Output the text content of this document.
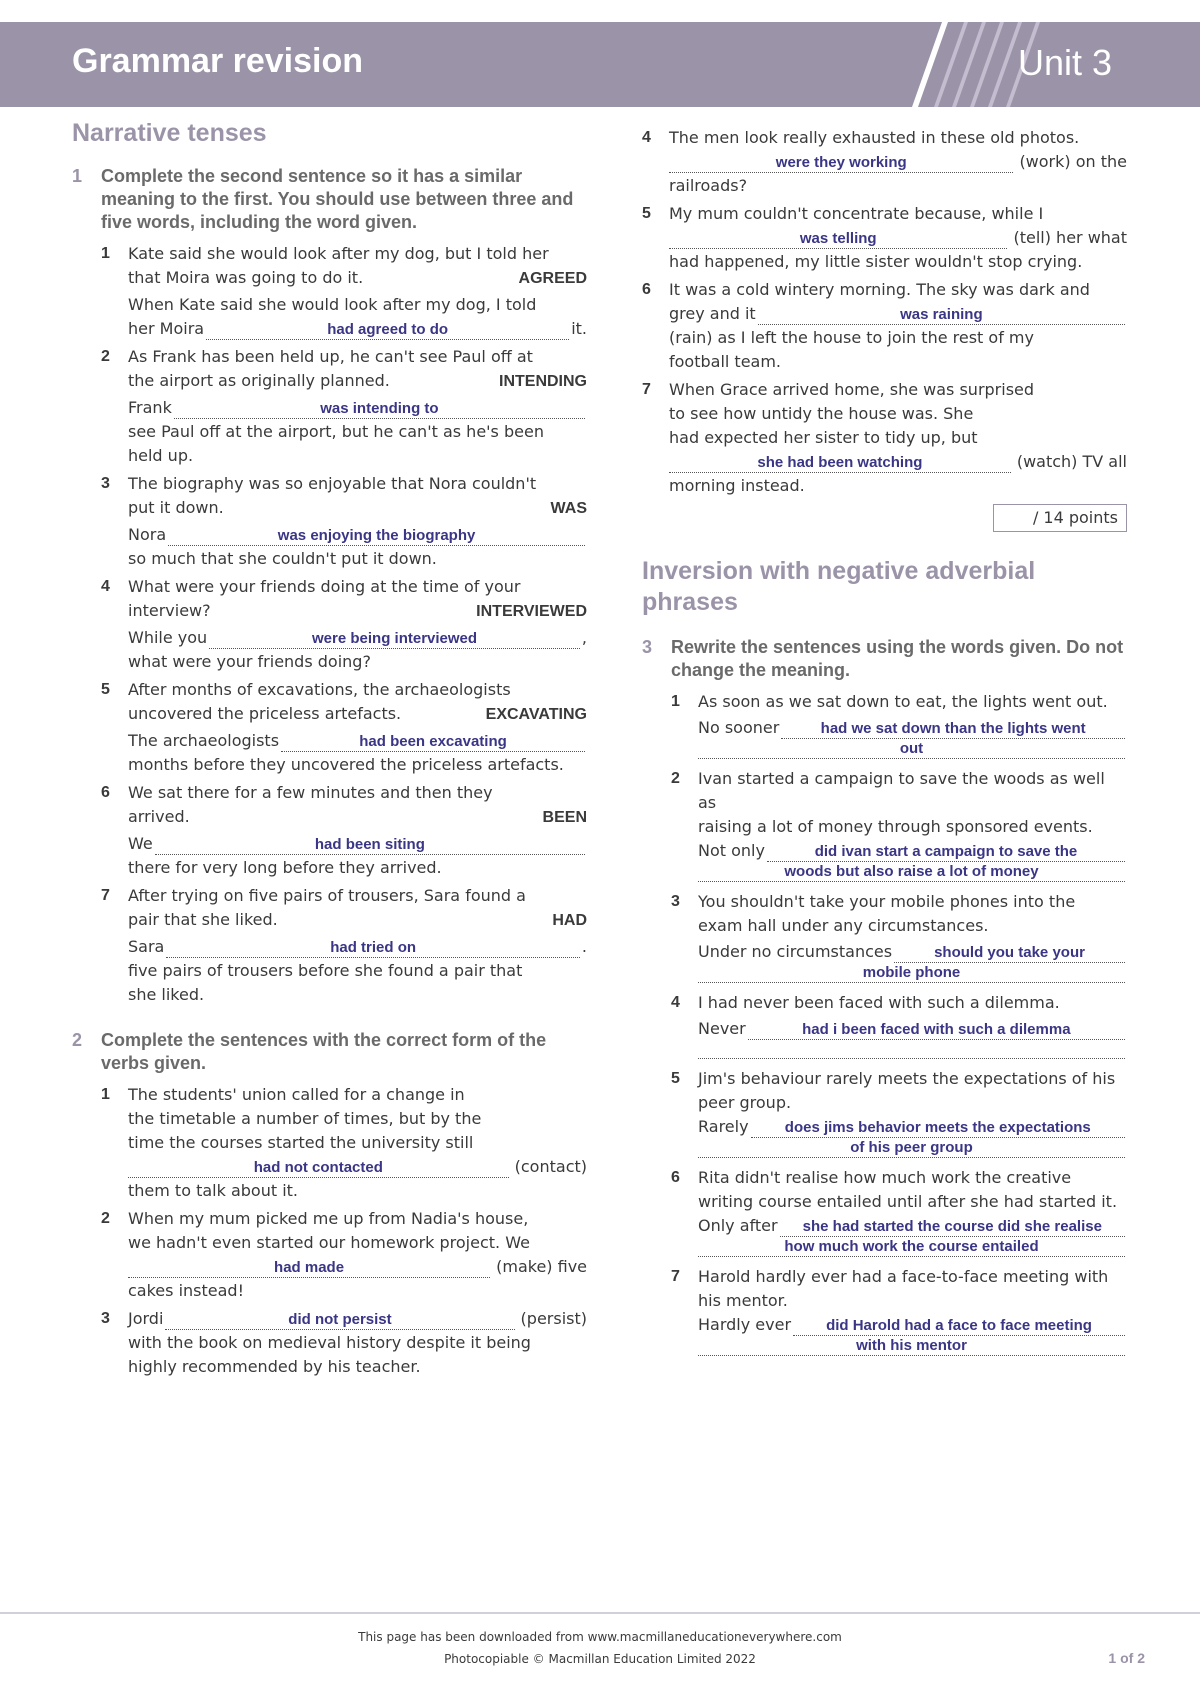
Grammar revision	Unit 3
Narrative tenses
1	Complete the second sentence so it has a similar meaning to the first. You should use between three and five words, including the word given.
1	Kate said she would look after my dog, but I told her
that Moira was going to do it.	AGREED
When Kate said she would look after my dog, I told
her Moira	had agreed to do	it.
2	As Frank has been held up, he can't see Paul off at
the airport as originally planned.	INTENDING
Frank	was intending to
see Paul off at the airport, but he can't as he's been
held up.
3	The biography was so enjoyable that Nora couldn't
put it down.	WAS
Nora	was enjoying the biography
so much that she couldn't put it down.
4	What were your friends doing at the time of your
interview?	INTERVIEWED
While you	were being interviewed	,
what were your friends doing?
5	After months of excavations, the archaeologists
uncovered the priceless artefacts.	EXCAVATING
The archaeologists	had been excavating
months before they uncovered the priceless artefacts.
6	We sat there for a few minutes and then they
arrived.	BEEN
We	had been siting
there for very long before they arrived.
7	After trying on five pairs of trousers, Sara found a
pair that she liked.	HAD
Sara	had tried on	.
five pairs of trousers before she found a pair that
she liked.
2	Complete the sentences with the correct form of the verbs given.
1	The students' union called for a change in
the timetable a number of times, but by the
time the courses started the university still
had not contacted	(contact)
them to talk about it.
2	When my mum picked me up from Nadia's house,
we hadn't even started our homework project. We
had made	(make) five
cakes instead!
3	Jordi	did not persist	(persist)
with the book on medieval history despite it being
highly recommended by his teacher.
4	The men look really exhausted in these old photos.
were they working	(work) on the
railroads?
5	My mum couldn't concentrate because, while I
was telling	(tell) her what
had happened, my little sister wouldn't stop crying.
6	It was a cold wintery morning. The sky was dark and
grey and it	was raining
(rain) as I left the house to join the rest of my
football team.
7	When Grace arrived home, she was surprised
to see how untidy the house was. She
had expected her sister to tidy up, but
she had been watching	(watch) TV all
morning instead.
/ 14 points
Inversion with negative adverbial phrases
3	Rewrite the sentences using the words given. Do not change the meaning.
1	As soon as we sat down to eat, the lights went out.
No sooner	had we sat down than the lights went
out
2	Ivan started a campaign to save the woods as well as
raising a lot of money through sponsored events.
Not only	did ivan start a campaign to save the
woods but also raise a lot of money
3	You shouldn't take your mobile phones into the
exam hall under any circumstances.
Under no circumstances	should you take your
mobile phone
4	I had never been faced with such a dilemma.
Never	had i been faced with such a dilemma
5	Jim's behaviour rarely meets the expectations of his
peer group.
Rarely	does jims behavior meets the expectations
of his peer group
6	Rita didn't realise how much work the creative
writing course entailed until after she had started it.
Only after	she had started the course did she realise
how much work the course entailed
7	Harold hardly ever had a face-to-face meeting with
his mentor.
Hardly ever	did Harold had a face to face meeting
with his mentor
This page has been downloaded from www.macmillaneducationeverywhere.com
Photocopiable © Macmillan Education Limited 2022	1 of 2
